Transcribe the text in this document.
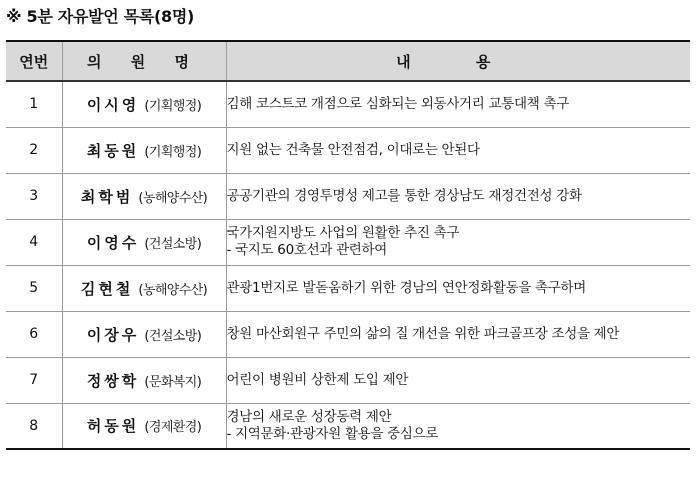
※ 5분 자유발언 목록(8명)
연번	의 원 명	내 용
1	이시영 (기획행정)	김해 코스트코 개점으로 심화되는 외동사거리 교통대책 촉구

2	최동원 (기획행정)	지원 없는 건축물 안전점검, 이대로는 안된다

3	최학범 (농해양수산)	공공기관의 경영투명성 제고를 통한 경상남도 재정건전성 강화

4	이영수 (건설소방)	국가지원지방도 사업의 원활한 추진 촉구
- 국지도 60호선과 관련하여

5	김현철 (농해양수산)	관광1번지로 발돋움하기 위한 경남의 연안정화활동을 촉구하며

6	이장우 (건설소방)	창원 마산회원구 주민의 삶의 질 개선을 위한 파크골프장 조성을 제안

7	정쌍학 (문화복지)	어린이 병원비 상한제 도입 제안

8	허동원 (경제환경)	경남의 새로운 성장동력 제안
- 지역문화·관광자원 활용을 중심으로
